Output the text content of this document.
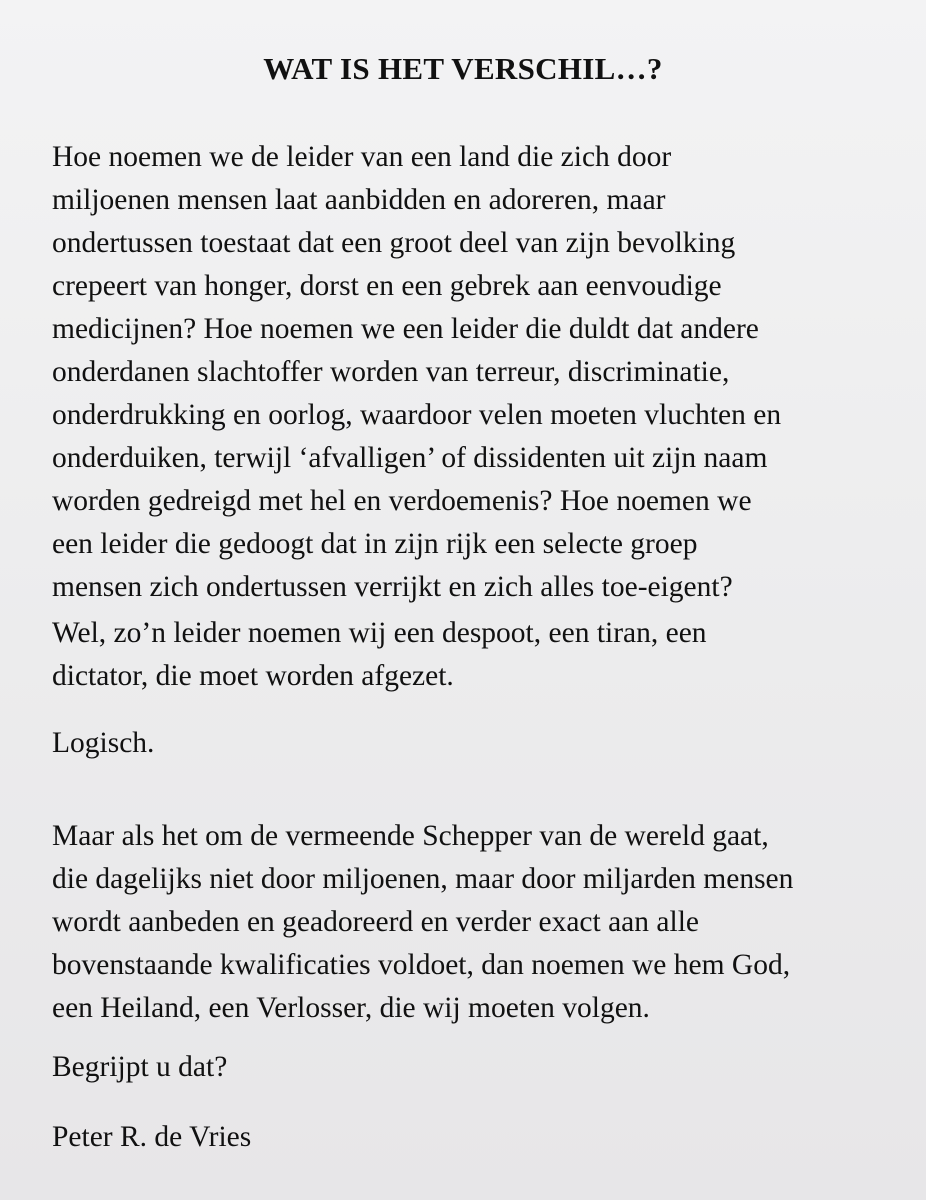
WAT IS HET VERSCHIL…?

Hoe noemen we de leider van een land die zich door
miljoenen mensen laat aanbidden en adoreren, maar
ondertussen toestaat dat een groot deel van zijn bevolking
crepeert van honger, dorst en een gebrek aan eenvoudige
medicijnen? Hoe noemen we een leider die duldt dat andere
onderdanen slachtoffer worden van terreur, discriminatie,
onderdrukking en oorlog, waardoor velen moeten vluchten en
onderduiken, terwijl ‘afvalligen’ of dissidenten uit zijn naam
worden gedreigd met hel en verdoemenis? Hoe noemen we
een leider die gedoogt dat in zijn rijk een selecte groep
mensen zich ondertussen verrijkt en zich alles toe-eigent?

Wel, zo’n leider noemen wij een despoot, een tiran, een
dictator, die moet worden afgezet.

Logisch.

Maar als het om de vermeende Schepper van de wereld gaat,
die dagelijks niet door miljoenen, maar door miljarden mensen
wordt aanbeden en geadoreerd en verder exact aan alle
bovenstaande kwalificaties voldoet, dan noemen we hem God,
een Heiland, een Verlosser, die wij moeten volgen.

Begrijpt u dat?

Peter R. de Vries
